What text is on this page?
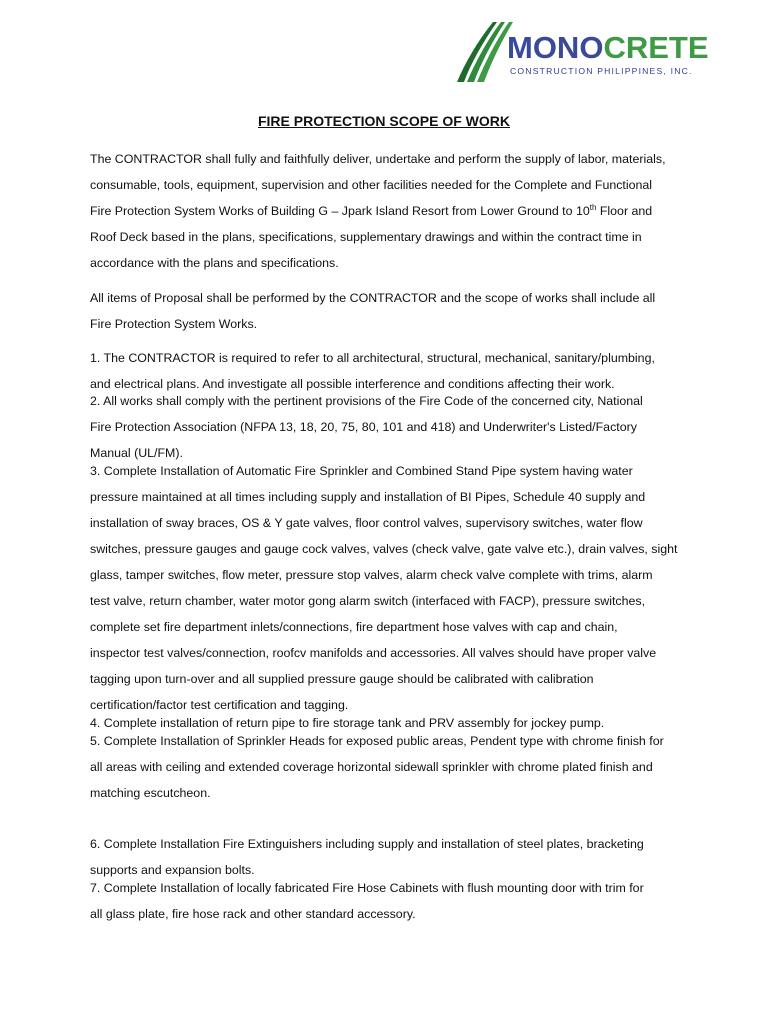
MONOCRETE
CONSTRUCTION PHILIPPINES, INC.
FIRE PROTECTION SCOPE OF WORK
The CONTRACTOR shall fully and faithfully deliver, undertake and perform the supply of labor, materials,
consumable, tools, equipment, supervision and other facilities needed for the Complete and Functional
Fire Protection System Works of Building G – Jpark Island Resort from Lower Ground to 10th Floor and
Roof Deck based in the plans, specifications, supplementary drawings and within the contract time in
accordance with the plans and specifications.
All items of Proposal shall be performed by the CONTRACTOR and the scope of works shall include all
Fire Protection System Works.
1. The CONTRACTOR is required to refer to all architectural, structural, mechanical, sanitary/plumbing,
and electrical plans. And investigate all possible interference and conditions affecting their work.
2. All works shall comply with the pertinent provisions of the Fire Code of the concerned city, National
Fire Protection Association (NFPA 13, 18, 20, 75, 80, 101 and 418) and Underwriter's Listed/Factory
Manual (UL/FM).
3. Complete Installation of Automatic Fire Sprinkler and Combined Stand Pipe system having water
pressure maintained at all times including supply and installation of BI Pipes, Schedule 40 supply and
installation of sway braces, OS & Y gate valves, floor control valves, supervisory switches, water flow
switches, pressure gauges and gauge cock valves, valves (check valve, gate valve etc.), drain valves, sight
glass, tamper switches, flow meter, pressure stop valves, alarm check valve complete with trims, alarm
test valve, return chamber, water motor gong alarm switch (interfaced with FACP), pressure switches,
complete set fire department inlets/connections, fire department hose valves with cap and chain,
inspector test valves/connection, roofcv manifolds and accessories. All valves should have proper valve
tagging upon turn-over and all supplied pressure gauge should be calibrated with calibration
certification/factor test certification and tagging.
4. Complete installation of return pipe to fire storage tank and PRV assembly for jockey pump.
5. Complete Installation of Sprinkler Heads for exposed public areas, Pendent type with chrome finish for
all areas with ceiling and extended coverage horizontal sidewall sprinkler with chrome plated finish and
matching escutcheon.
6. Complete Installation Fire Extinguishers including supply and installation of steel plates, bracketing
supports and expansion bolts.
7. Complete Installation of locally fabricated Fire Hose Cabinets with flush mounting door with trim for
all glass plate, fire hose rack and other standard accessory.
